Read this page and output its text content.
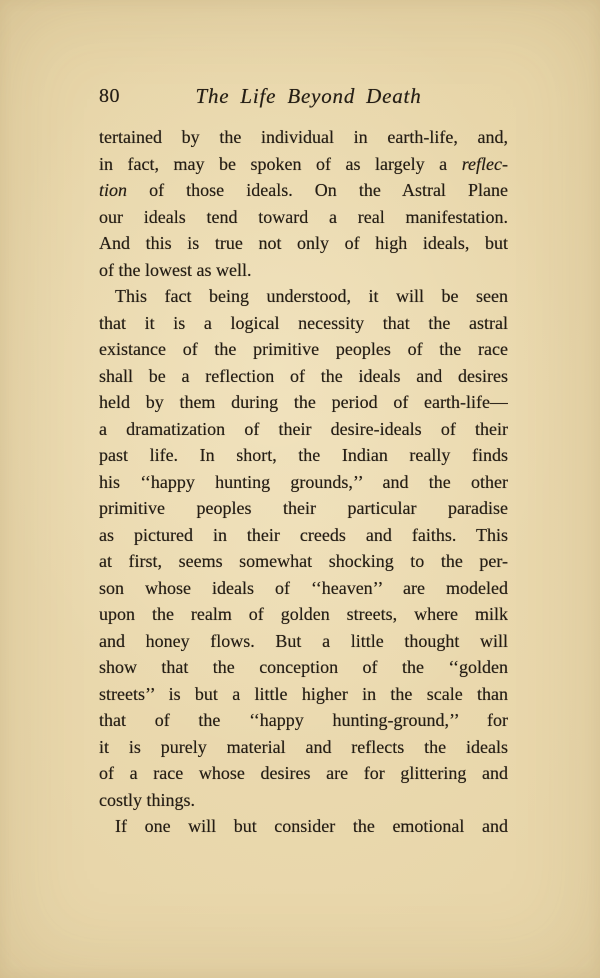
80	The Life Beyond Death
tertained by the individual in earth-life, and,
in fact, may be spoken of as largely a reflec-
tion of those ideals. On the Astral Plane
our ideals tend toward a real manifestation.
And this is true not only of high ideals, but
of the lowest as well.
This fact being understood, it will be seen
that it is a logical necessity that the astral
existance of the primitive peoples of the race
shall be a reflection of the ideals and desires
held by them during the period of earth-life—
a dramatization of their desire-ideals of their
past life. In short, the Indian really finds
his ‘‘happy hunting grounds,’’ and the other
primitive peoples their particular paradise
as pictured in their creeds and faiths. This
at first, seems somewhat shocking to the per-
son whose ideals of ‘‘heaven’’ are modeled
upon the realm of golden streets, where milk
and honey flows. But a little thought will
show that the conception of the ‘‘golden
streets’’ is but a little higher in the scale than
that of the ‘‘happy hunting-ground,’’ for
it is purely material and reflects the ideals
of a race whose desires are for glittering and
costly things.
If one will but consider the emotional and
